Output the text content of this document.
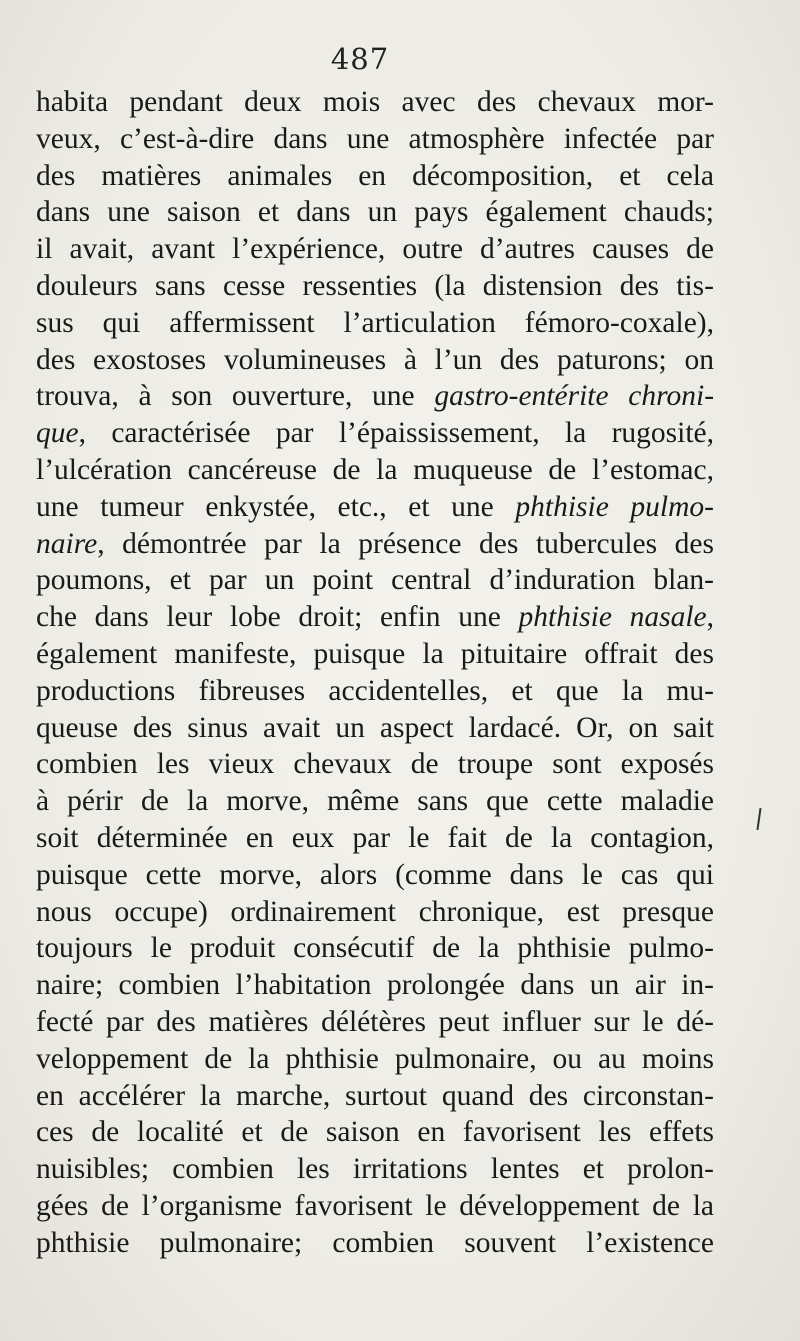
487
habita pendant deux mois avec des chevaux mor-
veux, c’est-à-dire dans une atmosphère infectée par
des matières animales en décomposition, et cela
dans une saison et dans un pays également chauds;
il avait, avant l’expérience, outre d’autres causes de
douleurs sans cesse ressenties (la distension des tis-
sus qui affermissent l’articulation fémoro-coxale),
des exostoses volumineuses à l’un des paturons; on
trouva, à son ouverture, une gastro-entérite chroni-
que, caractérisée par l’épaississement, la rugosité,
l’ulcération cancéreuse de la muqueuse de l’estomac,
une tumeur enkystée, etc., et une phthisie pulmo-
naire, démontrée par la présence des tubercules des
poumons, et par un point central d’induration blan-
che dans leur lobe droit; enfin une phthisie nasale,
également manifeste, puisque la pituitaire offrait des
productions fibreuses accidentelles, et que la mu-
queuse des sinus avait un aspect lardacé. Or, on sait
combien les vieux chevaux de troupe sont exposés
à périr de la morve, même sans que cette maladie
soit déterminée en eux par le fait de la contagion,
puisque cette morve, alors (comme dans le cas qui
nous occupe) ordinairement chronique, est presque
toujours le produit consécutif de la phthisie pulmo-
naire; combien l’habitation prolongée dans un air in-
fecté par des matières délétères peut influer sur le dé-
veloppement de la phthisie pulmonaire, ou au moins
en accélérer la marche, surtout quand des circonstan-
ces de localité et de saison en favorisent les effets
nuisibles; combien les irritations lentes et prolon-
gées de l’organisme favorisent le développement de la
phthisie pulmonaire; combien souvent l’existence
